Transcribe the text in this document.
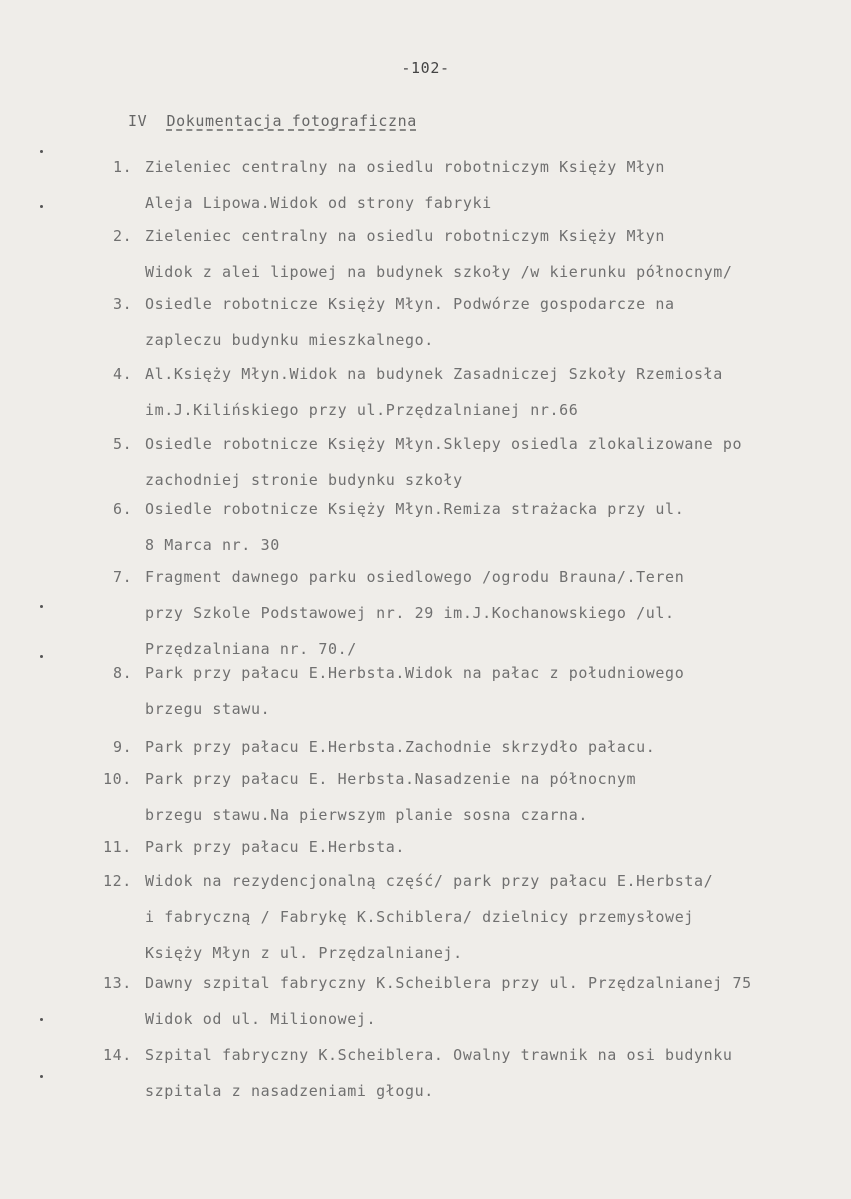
-102-
IV Dokumentacja fotograficzna
1. Zieleniec centralny na osiedlu robotniczym Księży Młyn
Aleja Lipowa.Widok od strony fabryki
2. Zieleniec centralny na osiedlu robotniczym Księży Młyn
Widok z alei lipowej na budynek szkoły /w kierunku północnym/
3. Osiedle robotnicze Księży Młyn. Podwórze gospodarcze na
zapleczu budynku mieszkalnego.
4. Al.Księży Młyn.Widok na budynek Zasadniczej Szkoły Rzemiosła
im.J.Kilińskiego przy ul.Przędzalnianej nr.66
5. Osiedle robotnicze Księży Młyn.Sklepy osiedla zlokalizowane po
zachodniej stronie budynku szkoły
6. Osiedle robotnicze Księży Młyn.Remiza strażacka przy ul.
8 Marca nr. 30
7. Fragment dawnego parku osiedlowego /ogrodu Brauna/.Teren
przy Szkole Podstawowej nr. 29 im.J.Kochanowskiego /ul.
Przędzalniana nr. 70./
8. Park przy pałacu E.Herbsta.Widok na pałac z południowego
brzegu stawu.
9. Park przy pałacu E.Herbsta.Zachodnie skrzydło pałacu.
10. Park przy pałacu E. Herbsta.Nasadzenie na północnym
brzegu stawu.Na pierwszym planie sosna czarna.
11. Park przy pałacu E.Herbsta.
12. Widok na rezydencjonalną część/ park przy pałacu E.Herbsta/
i fabryczną / Fabrykę K.Schiblera/ dzielnicy przemysłowej
Księży Młyn z ul. Przędzalnianej.
13. Dawny szpital fabryczny K.Scheiblera przy ul. Przędzalnianej 75
Widok od ul. Milionowej.
14. Szpital fabryczny K.Scheiblera. Owalny trawnik na osi budynku
szpitala z nasadzeniami głogu.
